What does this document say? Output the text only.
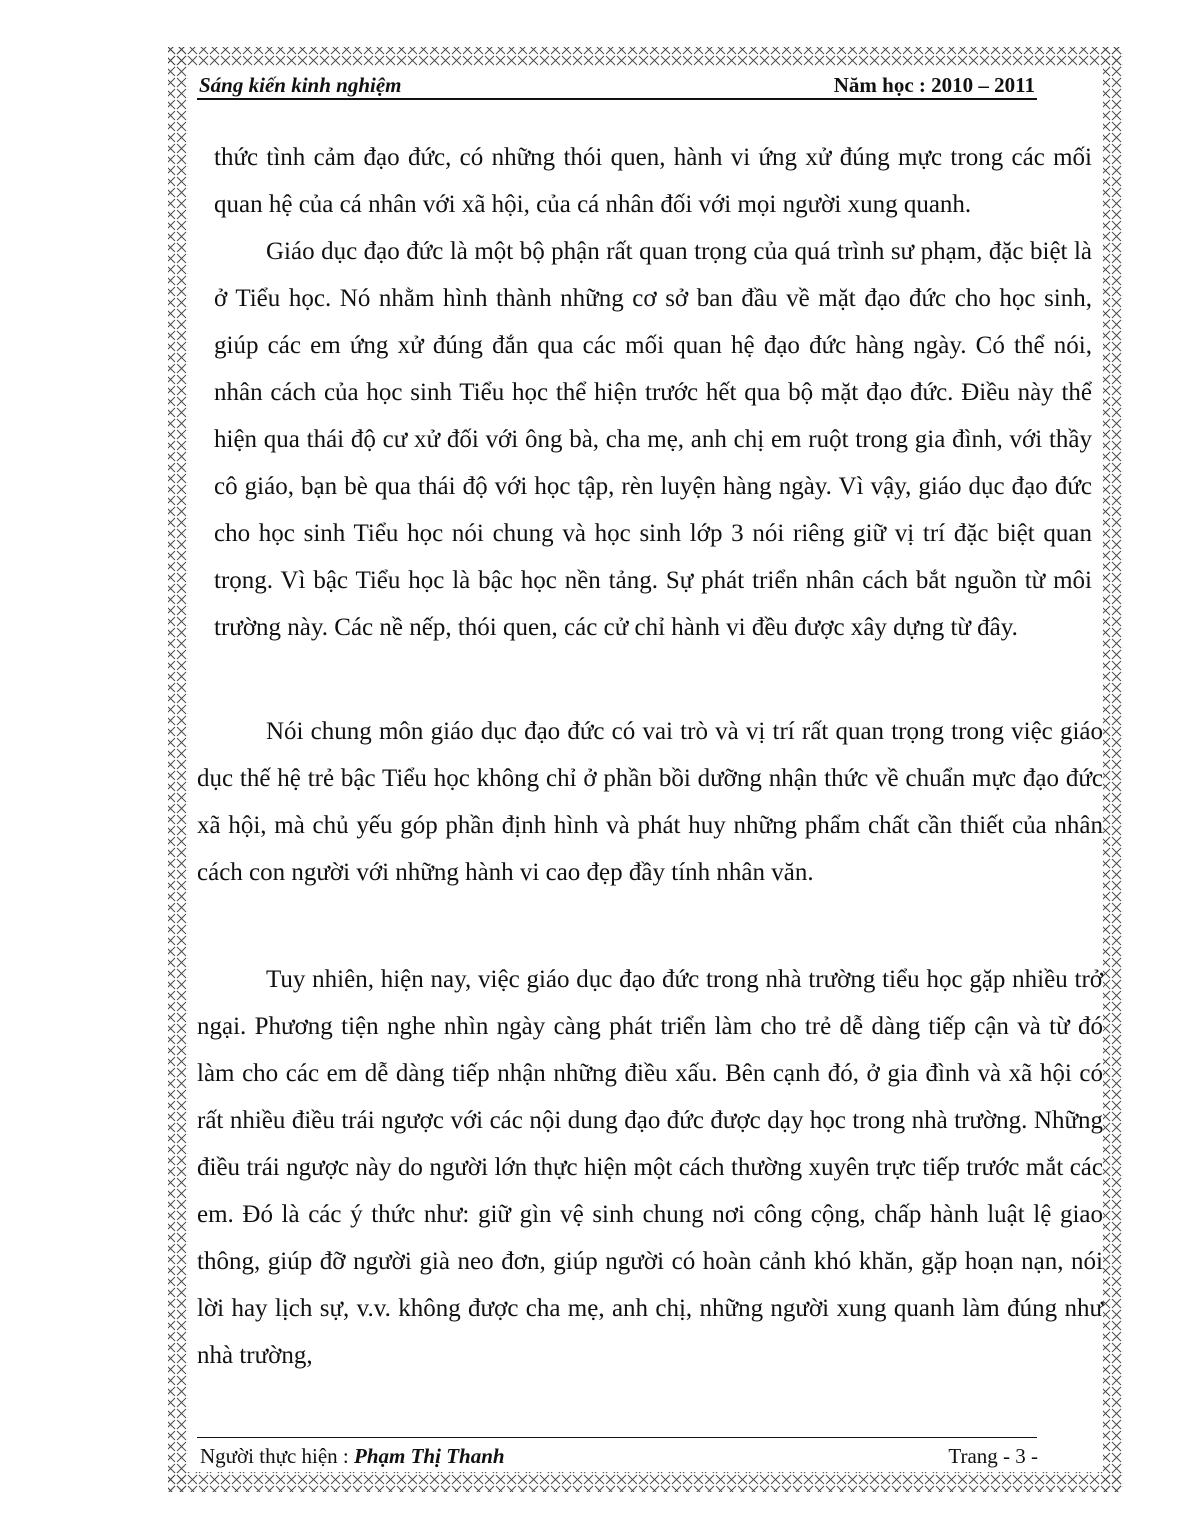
Sáng kiến kinh nghiệm	Năm học : 2010 – 2011

thức tình cảm đạo đức, có những thói quen, hành vi ứng xử đúng mực trong các mối quan hệ của cá nhân với xã hội, của cá nhân đối với mọi người xung quanh.

Giáo dục đạo đức là một bộ phận rất quan trọng của quá trình sư phạm, đặc biệt là ở Tiểu học. Nó nhằm hình thành những cơ sở ban đầu về mặt đạo đức cho học sinh, giúp các em ứng xử đúng đắn qua các mối quan hệ đạo đức hàng ngày. Có thể nói, nhân cách của học sinh Tiểu học thể hiện trước hết qua bộ mặt đạo đức. Điều này thể hiện qua thái độ cư xử đối với ông bà, cha mẹ, anh chị em ruột trong gia đình, với thầy cô giáo, bạn bè qua thái độ với học tập, rèn luyện hàng ngày. Vì vậy, giáo dục đạo đức cho học sinh Tiểu học nói chung và học sinh lớp 3 nói riêng giữ vị trí đặc biệt quan trọng. Vì bậc Tiểu học là bậc học nền tảng. Sự phát triển nhân cách bắt nguồn từ môi trường này. Các nề nếp, thói quen, các cử chỉ hành vi đều được xây dựng từ đây.

Nói chung môn giáo dục đạo đức có vai trò và vị trí rất quan trọng trong việc giáo dục thế hệ trẻ bậc Tiểu học không chỉ ở phần bồi dưỡng nhận thức về chuẩn mực đạo đức xã hội, mà chủ yếu góp phần định hình và phát huy những phẩm chất cần thiết của nhân cách con người với những hành vi cao đẹp đầy tính nhân văn.

Tuy nhiên, hiện nay, việc giáo dục đạo đức trong nhà trường tiểu học gặp nhiều trở ngại. Phương tiện nghe nhìn ngày càng phát triển làm cho trẻ dễ dàng tiếp cận và từ đó làm cho các em dễ dàng tiếp nhận những điều xấu. Bên cạnh đó, ở gia đình và xã hội có rất nhiều điều trái ngược với các nội dung đạo đức được dạy học trong nhà trường. Những điều trái ngược này do người lớn thực hiện một cách thường xuyên trực tiếp trước mắt các em. Đó là các ý thức như: giữ gìn vệ sinh chung nơi công cộng, chấp hành luật lệ giao thông, giúp đỡ người già neo đơn, giúp người có hoàn cảnh khó khăn, gặp hoạn nạn, nói lời hay lịch sự, v.v. không được cha mẹ, anh chị, những người xung quanh làm đúng như nhà trường,

Người thực hiện : Phạm Thị Thanh	Trang - 3 -
